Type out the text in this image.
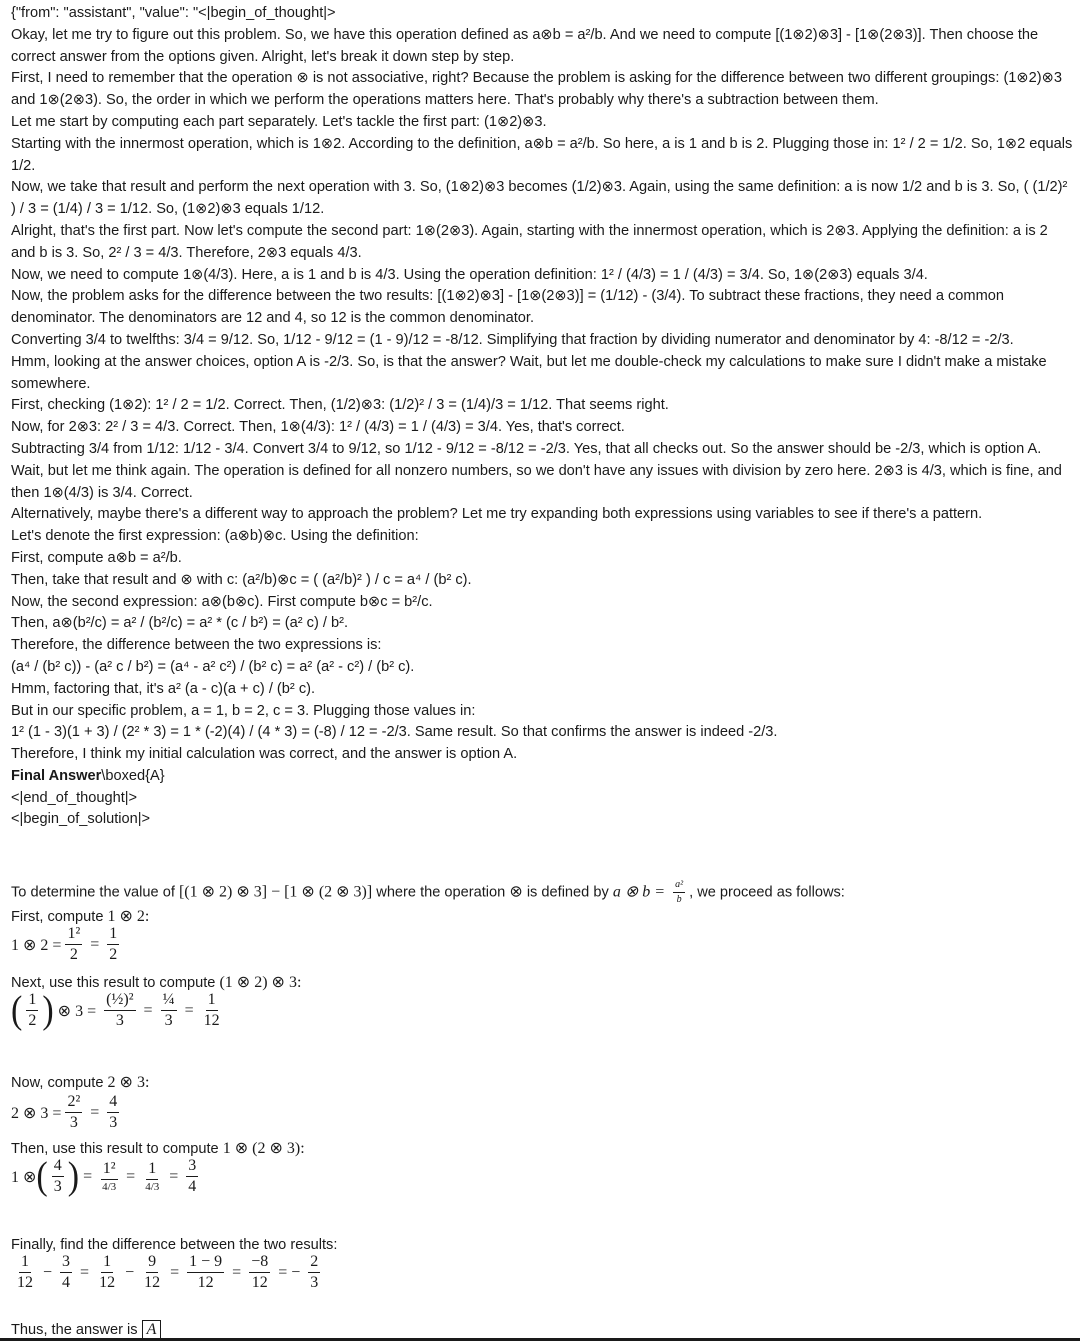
{"from": "assistant", "value": "<|begin_of_thought|>

Okay, let me try to figure out this problem. So, we have this operation defined as a⊗b = a²/b. And we need to compute [(1⊗2)⊗3] - [1⊗(2⊗3)]. Then choose the correct answer from the options given. Alright, let's break it down step by step.

First, I need to remember that the operation ⊗ is not associative, right? Because the problem is asking for the difference between two different groupings: (1⊗2)⊗3 and 1⊗(2⊗3). So, the order in which we perform the operations matters here. That's probably why there's a subtraction between them.

Let me start by computing each part separately. Let's tackle the first part: (1⊗2)⊗3.

Starting with the innermost operation, which is 1⊗2. According to the definition, a⊗b = a²/b. So here, a is 1 and b is 2. Plugging those in: 1² / 2 = 1/2. So, 1⊗2 equals 1/2.

Now, we take that result and perform the next operation with 3. So, (1⊗2)⊗3 becomes (1/2)⊗3. Again, using the same definition: a is now 1/2 and b is 3. So, ( (1/2)² ) / 3 = (1/4) / 3 = 1/12. So, (1⊗2)⊗3 equals 1/12.

Alright, that's the first part. Now let's compute the second part: 1⊗(2⊗3). Again, starting with the innermost operation, which is 2⊗3. Applying the definition: a is 2 and b is 3. So, 2² / 3 = 4/3. Therefore, 2⊗3 equals 4/3.

Now, we need to compute 1⊗(4/3). Here, a is 1 and b is 4/3. Using the operation definition: 1² / (4/3) = 1 / (4/3) = 3/4. So, 1⊗(2⊗3) equals 3/4.

Now, the problem asks for the difference between the two results: [(1⊗2)⊗3] - [1⊗(2⊗3)] = (1/12) - (3/4). To subtract these fractions, they need a common denominator. The denominators are 12 and 4, so 12 is the common denominator.

Converting 3/4 to twelfths: 3/4 = 9/12. So, 1/12 - 9/12 = (1 - 9)/12 = -8/12. Simplifying that fraction by dividing numerator and denominator by 4: -8/12 = -2/3.

Hmm, looking at the answer choices, option A is -2/3. So, is that the answer? Wait, but let me double-check my calculations to make sure I didn't make a mistake somewhere.

First, checking (1⊗2): 1² / 2 = 1/2. Correct. Then, (1/2)⊗3: (1/2)² / 3 = (1/4)/3 = 1/12. That seems right.

Now, for 2⊗3: 2² / 3 = 4/3. Correct. Then, 1⊗(4/3): 1² / (4/3) = 1 / (4/3) = 3/4. Yes, that's correct.

Subtracting 3/4 from 1/12: 1/12 - 3/4. Convert 3/4 to 9/12, so 1/12 - 9/12 = -8/12 = -2/3. Yes, that all checks out. So the answer should be -2/3, which is option A.

Wait, but let me think again. The operation is defined for all nonzero numbers, so we don't have any issues with division by zero here. 2⊗3 is 4/3, which is fine, and then 1⊗(4/3) is 3/4. Correct.

Alternatively, maybe there's a different way to approach the problem? Let me try expanding both expressions using variables to see if there's a pattern.

Let's denote the first expression: (a⊗b)⊗c. Using the definition:

First, compute a⊗b = a²/b.

Then, take that result and ⊗ with c: (a²/b)⊗c = ( (a²/b)² ) / c = a⁴ / (b² c).

Now, the second expression: a⊗(b⊗c). First compute b⊗c = b²/c.

Then, a⊗(b²/c) = a² / (b²/c) = a² * (c / b²) = (a² c) / b².

Therefore, the difference between the two expressions is:

(a⁴ / (b² c)) - (a² c / b²) = (a⁴ - a² c²) / (b² c) = a² (a² - c²) / (b² c).

Hmm, factoring that, it's a² (a - c)(a + c) / (b² c).

But in our specific problem, a = 1, b = 2, c = 3. Plugging those values in:

1² (1 - 3)(1 + 3) / (2² * 3) = 1 * (-2)(4) / (4 * 3) = (-8) / 12 = -2/3. Same result. So that confirms the answer is indeed -2/3.

Therefore, I think my initial calculation was correct, and the answer is option A.

Final Answer\boxed{A}

<|end_of_thought|>

<|begin_of_solution|>

To determine the value of [(1 ⊗ 2) ⊗ 3] − [1 ⊗ (2 ⊗ 3)] where the operation ⊗ is defined by a ⊗ $b = \frac{\text{a²}}{b}$ , we proceed as follows:
First, compute 1 ⊗ 2:
1 ⊗ $2 = \frac{\text{1²}}{2} = \frac{1}{2}$
Next, use this result to compute (1 ⊗ 2) ⊗ 3:
( $\frac{1}{2}$ ) ⊗ $3 = \frac{\text{(½)²}}{3} = \frac{\text{¼}}{3} = \frac{1}{12}$
Now, compute 2 ⊗ 3:
2 ⊗ $3 = \frac{\text{2²}}{3} = \frac{4}{3}$
Then, use this result to compute 1 ⊗ (2 ⊗ 3):
1 ⊗ ( $\frac{4}{3}$ ) = $\frac{\text{1²}}{4/3} = \frac{1}{4/3} = \frac{3}{4}$
Finally, find the difference between the two results:
$\frac{1}{12} - \frac{3}{4} = \frac{1}{12} - \frac{9}{12} = \frac{1 - 9}{12} = \frac{-8}{12}$ = − $\frac{2}{3}$
Thus, the answer is A
